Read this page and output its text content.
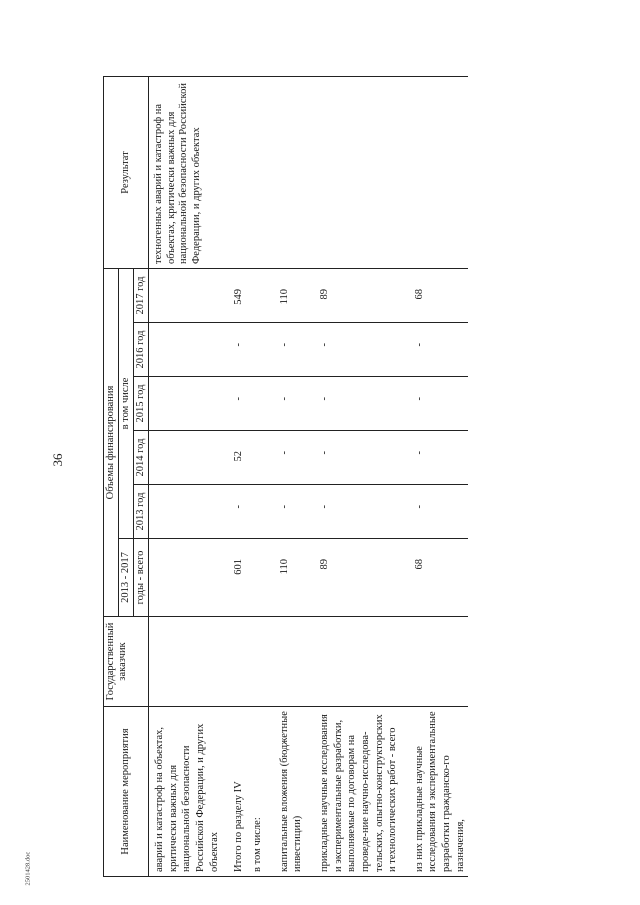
36
2501428.doc
Наименование мероприятия	Государственный заказчик	Объемы финансирования						Результат

		2013 - 2017 годы - всего	в том числе					
			2013 год	2014 год	2015 год	2016 год	2017 год	
аварий и катастроф на объектах, критически важных для национальной безопасности Российской Федерации, и других объектах								техногенных аварий и катастроф на объектах, критически важных для национальной безопасности Российской Федерации, и других объектах
Итого по разделу IV		601	-	52	-	-	549	
в том числе:								
капитальные вложения (бюджетные инвестиции)		110	-	-	-	-	110	
прикладные научные исследования и экспериментальные разработки, выполняемые по договорам на проведе-ние научно-исследова-тельских, опытно-конструкторских и технологических работ - всего		89	-	-	-	-	89	
из них прикладные научные исследования и экспериментальные разработки гражданско-го назначения,		68	-	-	-	-	68	
